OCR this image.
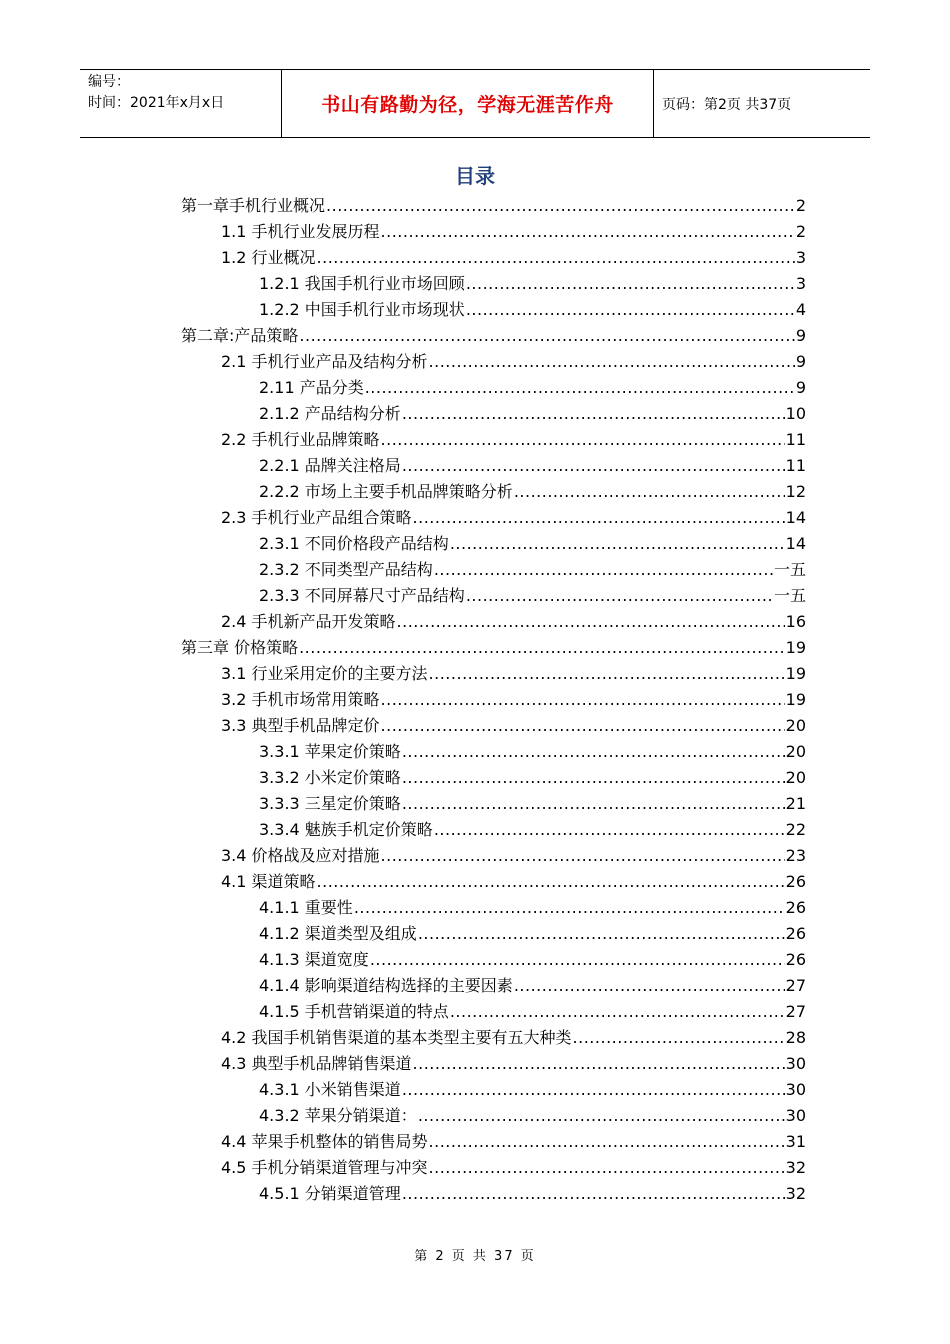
编号：
时间：2021年x月x日	书山有路勤为径，学海无涯苦作舟	页码：第2页 共37页
目录
第一章手机行业概况 .....	2
1.1 手机行业发展历程 .....	2
1.2 行业概况 .....	3
1.2.1 我国手机行业市场回顾 .....	3
1.2.2 中国手机行业市场现状 .....	4
第二章:产品策略 .....	9
2.1 手机行业产品及结构分析 .....	9
2.11 产品分类 .....	9
2.1.2 产品结构分析 .....	10
2.2 手机行业品牌策略 .....	11
2.2.1 品牌关注格局 .....	11
2.2.2 市场上主要手机品牌策略分析 .....	12
2.3 手机行业产品组合策略 .....	14
2.3.1 不同价格段产品结构 .....	14
2.3.2 不同类型产品结构 .....	一五
2.3.3 不同屏幕尺寸产品结构 .....	一五
2.4 手机新产品开发策略 .....	16
第三章 价格策略 .....	19
3.1 行业采用定价的主要方法 .....	19
3.2 手机市场常用策略 .....	19
3.3 典型手机品牌定价 .....	20
3.3.1 苹果定价策略 .....	20
3.3.2 小米定价策略 .....	20
3.3.3 三星定价策略 .....	21
3.3.4 魅族手机定价策略 .....	22
3.4 价格战及应对措施 .....	23
4.1 渠道策略 .....	26
4.1.1 重要性 .....	26
4.1.2 渠道类型及组成 .....	26
4.1.3 渠道宽度 .....	26
4.1.4 影响渠道结构选择的主要因素 .....	27
4.1.5 手机营销渠道的特点 .....	27
4.2 我国手机销售渠道的基本类型主要有五大种类 .....	28
4.3 典型手机品牌销售渠道 .....	30
4.3.1 小米销售渠道 .....	30
4.3.2 苹果分销渠道： .....	30
4.4 苹果手机整体的销售局势 .....	31
4.5 手机分销渠道管理与冲突 .....	32
4.5.1 分销渠道管理 .....	32
第 2 页 共 37 页
